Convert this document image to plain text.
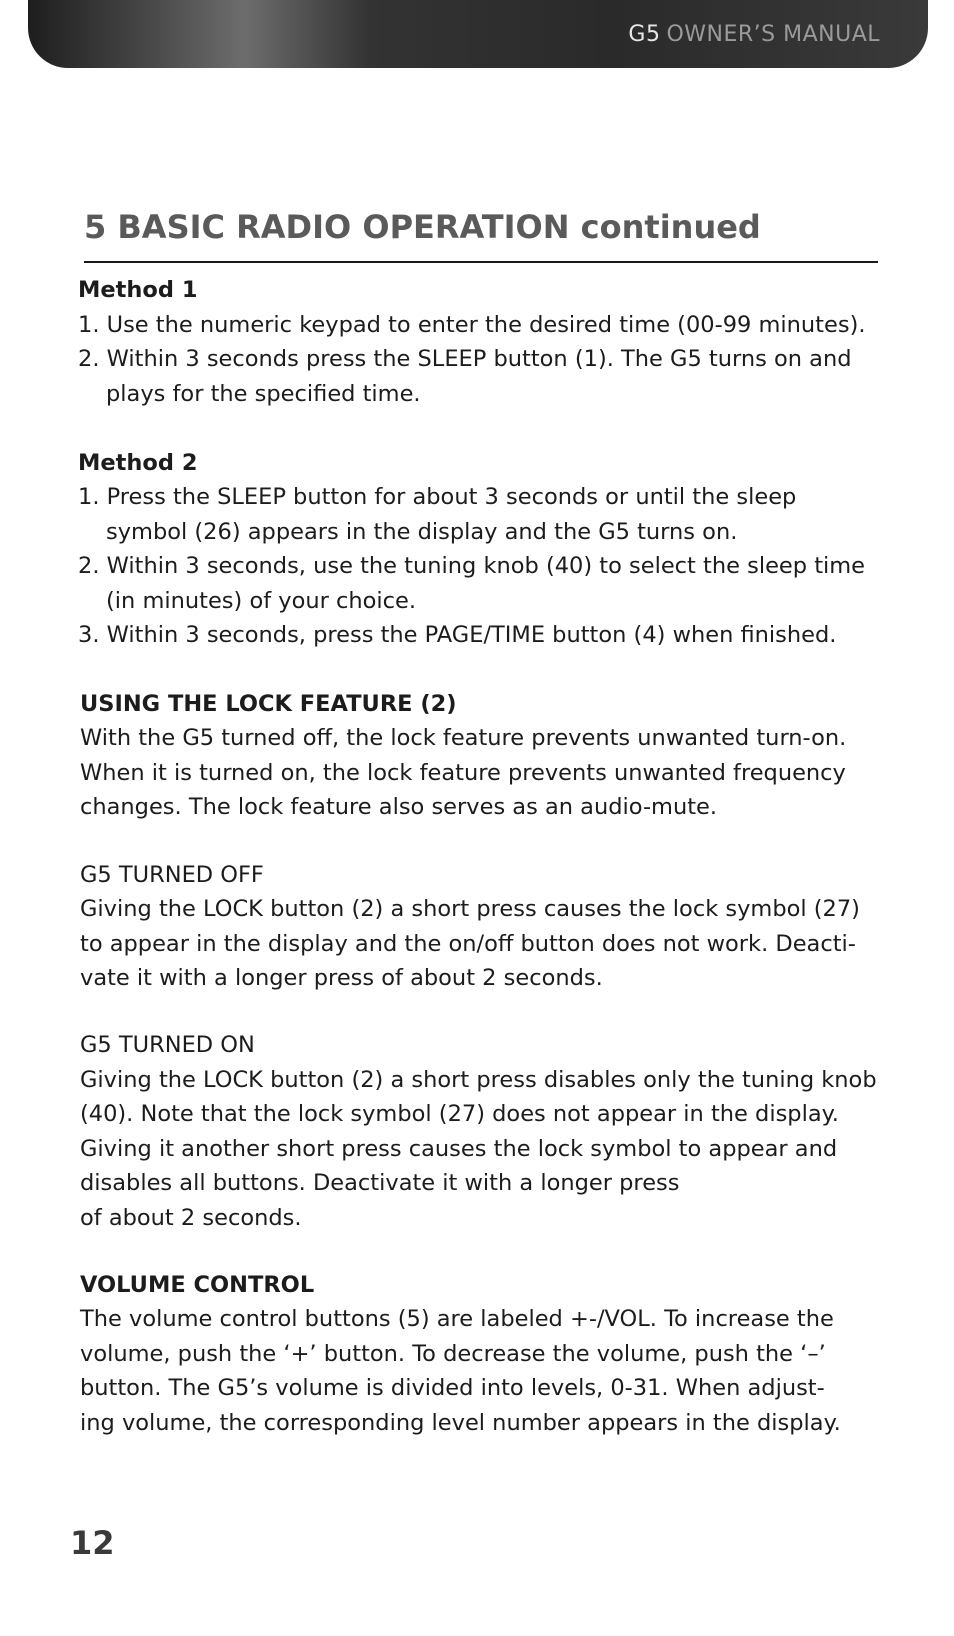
G5 OWNER’S MANUAL
5 BASIC RADIO OPERATION continued
Method 1
1. Use the numeric keypad to enter the desired time (00-99 minutes).
2. Within 3 seconds press the SLEEP button (1). The G5 turns on and
plays for the specified time.
Method 2
1. Press the SLEEP button for about 3 seconds or until the sleep
symbol (26) appears in the display and the G5 turns on.
2. Within 3 seconds, use the tuning knob (40) to select the sleep time
(in minutes) of your choice.
3. Within 3 seconds, press the PAGE/TIME button (4) when finished.
USING THE LOCK FEATURE (2)
With the G5 turned off, the lock feature prevents unwanted turn-on.
When it is turned on, the lock feature prevents unwanted frequency
changes. The lock feature also serves as an audio-mute.
G5 TURNED OFF
Giving the LOCK button (2) a short press causes the lock symbol (27)
to appear in the display and the on/off button does not work. Deacti-
vate it with a longer press of about 2 seconds.
G5 TURNED ON
Giving the LOCK button (2) a short press disables only the tuning knob
(40). Note that the lock symbol (27) does not appear in the display.
Giving it another short press causes the lock symbol to appear and
disables all buttons. Deactivate it with a longer press
of about 2 seconds.
VOLUME CONTROL
The volume control buttons (5) are labeled +-/VOL. To increase the
volume, push the ‘+’ button. To decrease the volume, push the ‘–’
button. The G5’s volume is divided into levels, 0-31. When adjust-
ing volume, the corresponding level number appears in the display.
12
